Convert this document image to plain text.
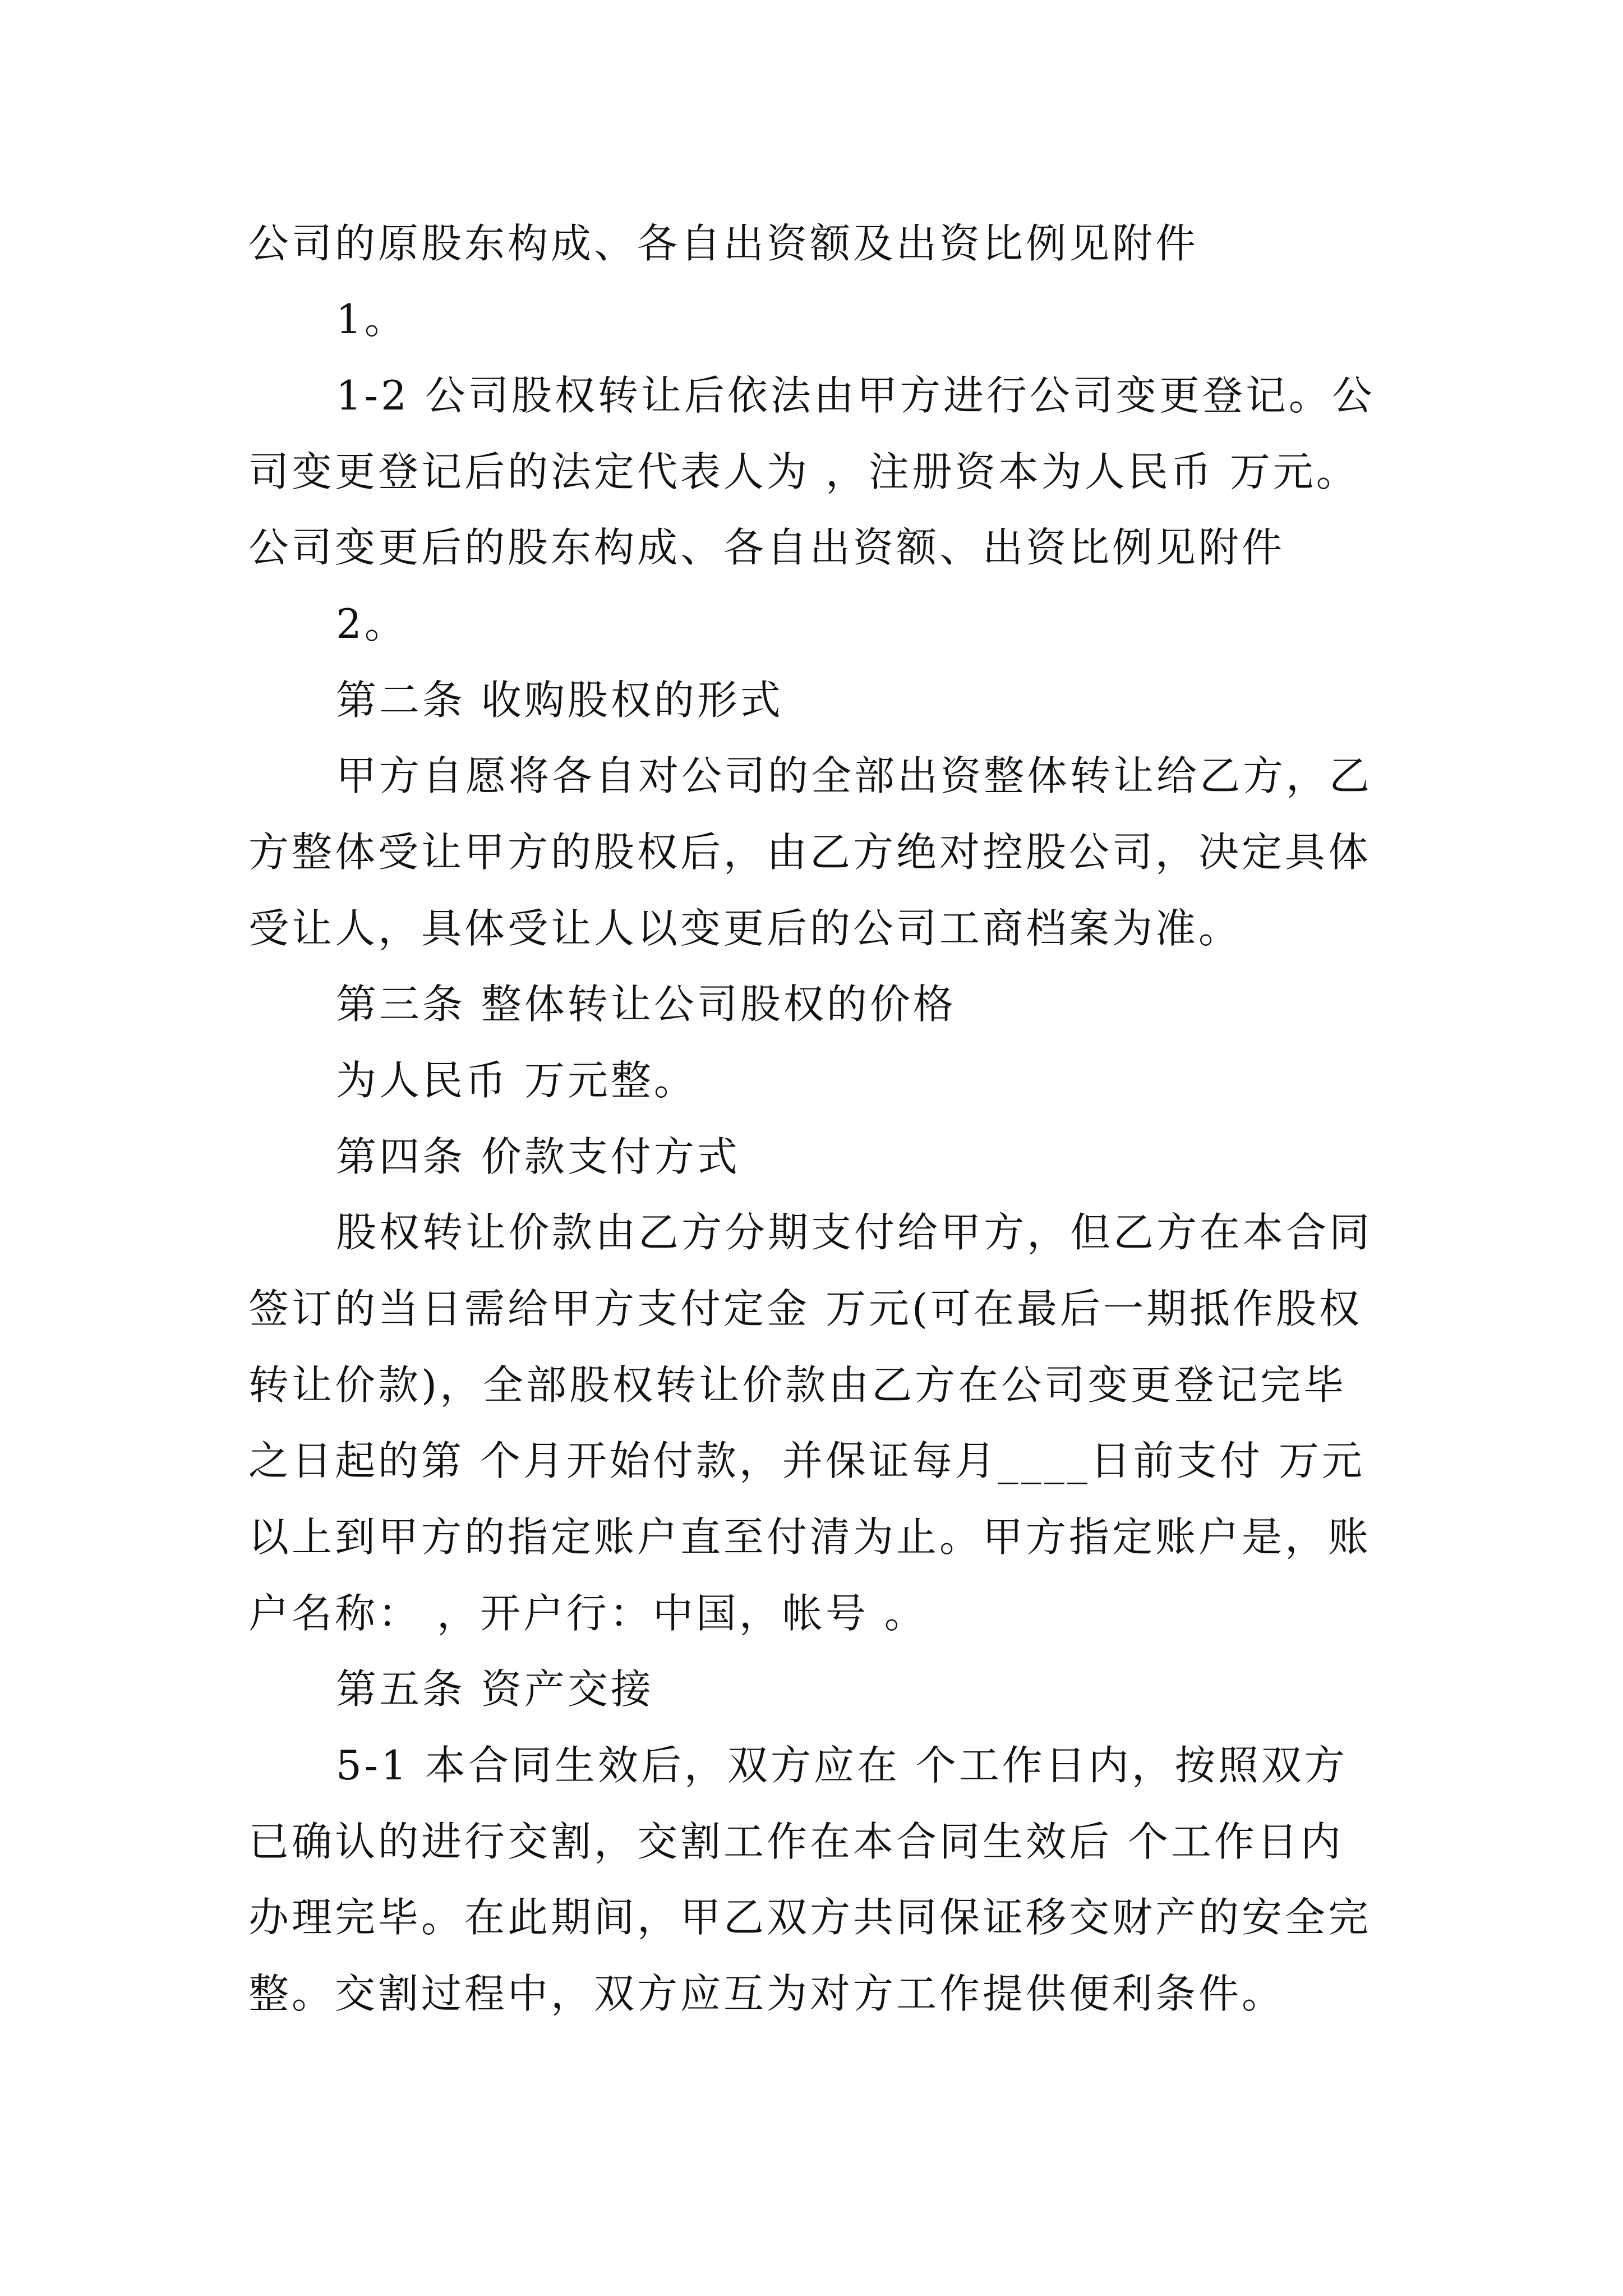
公司的原股东构成、各自出资额及出资比例见附件
1。
1-2 公司股权转让后依法由甲方进行公司变更登记。公
司变更登记后的法定代表人为 ，注册资本为人民币 万元。
公司变更后的股东构成、各自出资额、出资比例见附件
2。
第二条 收购股权的形式
甲方自愿将各自对公司的全部出资整体转让给乙方，乙
方整体受让甲方的股权后，由乙方绝对控股公司，决定具体
受让人，具体受让人以变更后的公司工商档案为准。
第三条 整体转让公司股权的价格
为人民币 万元整。
第四条 价款支付方式
股权转让价款由乙方分期支付给甲方，但乙方在本合同
签订的当日需给甲方支付定金 万元(可在最后一期抵作股权
转让价款)，全部股权转让价款由乙方在公司变更登记完毕
之日起的第 个月开始付款，并保证每月____日前支付 万元
以上到甲方的指定账户直至付清为止。甲方指定账户是，账
户名称： ，开户行：中国，帐号 。
第五条 资产交接
5-1 本合同生效后，双方应在 个工作日内，按照双方
已确认的进行交割，交割工作在本合同生效后 个工作日内
办理完毕。在此期间，甲乙双方共同保证移交财产的安全完
整。交割过程中，双方应互为对方工作提供便利条件。
